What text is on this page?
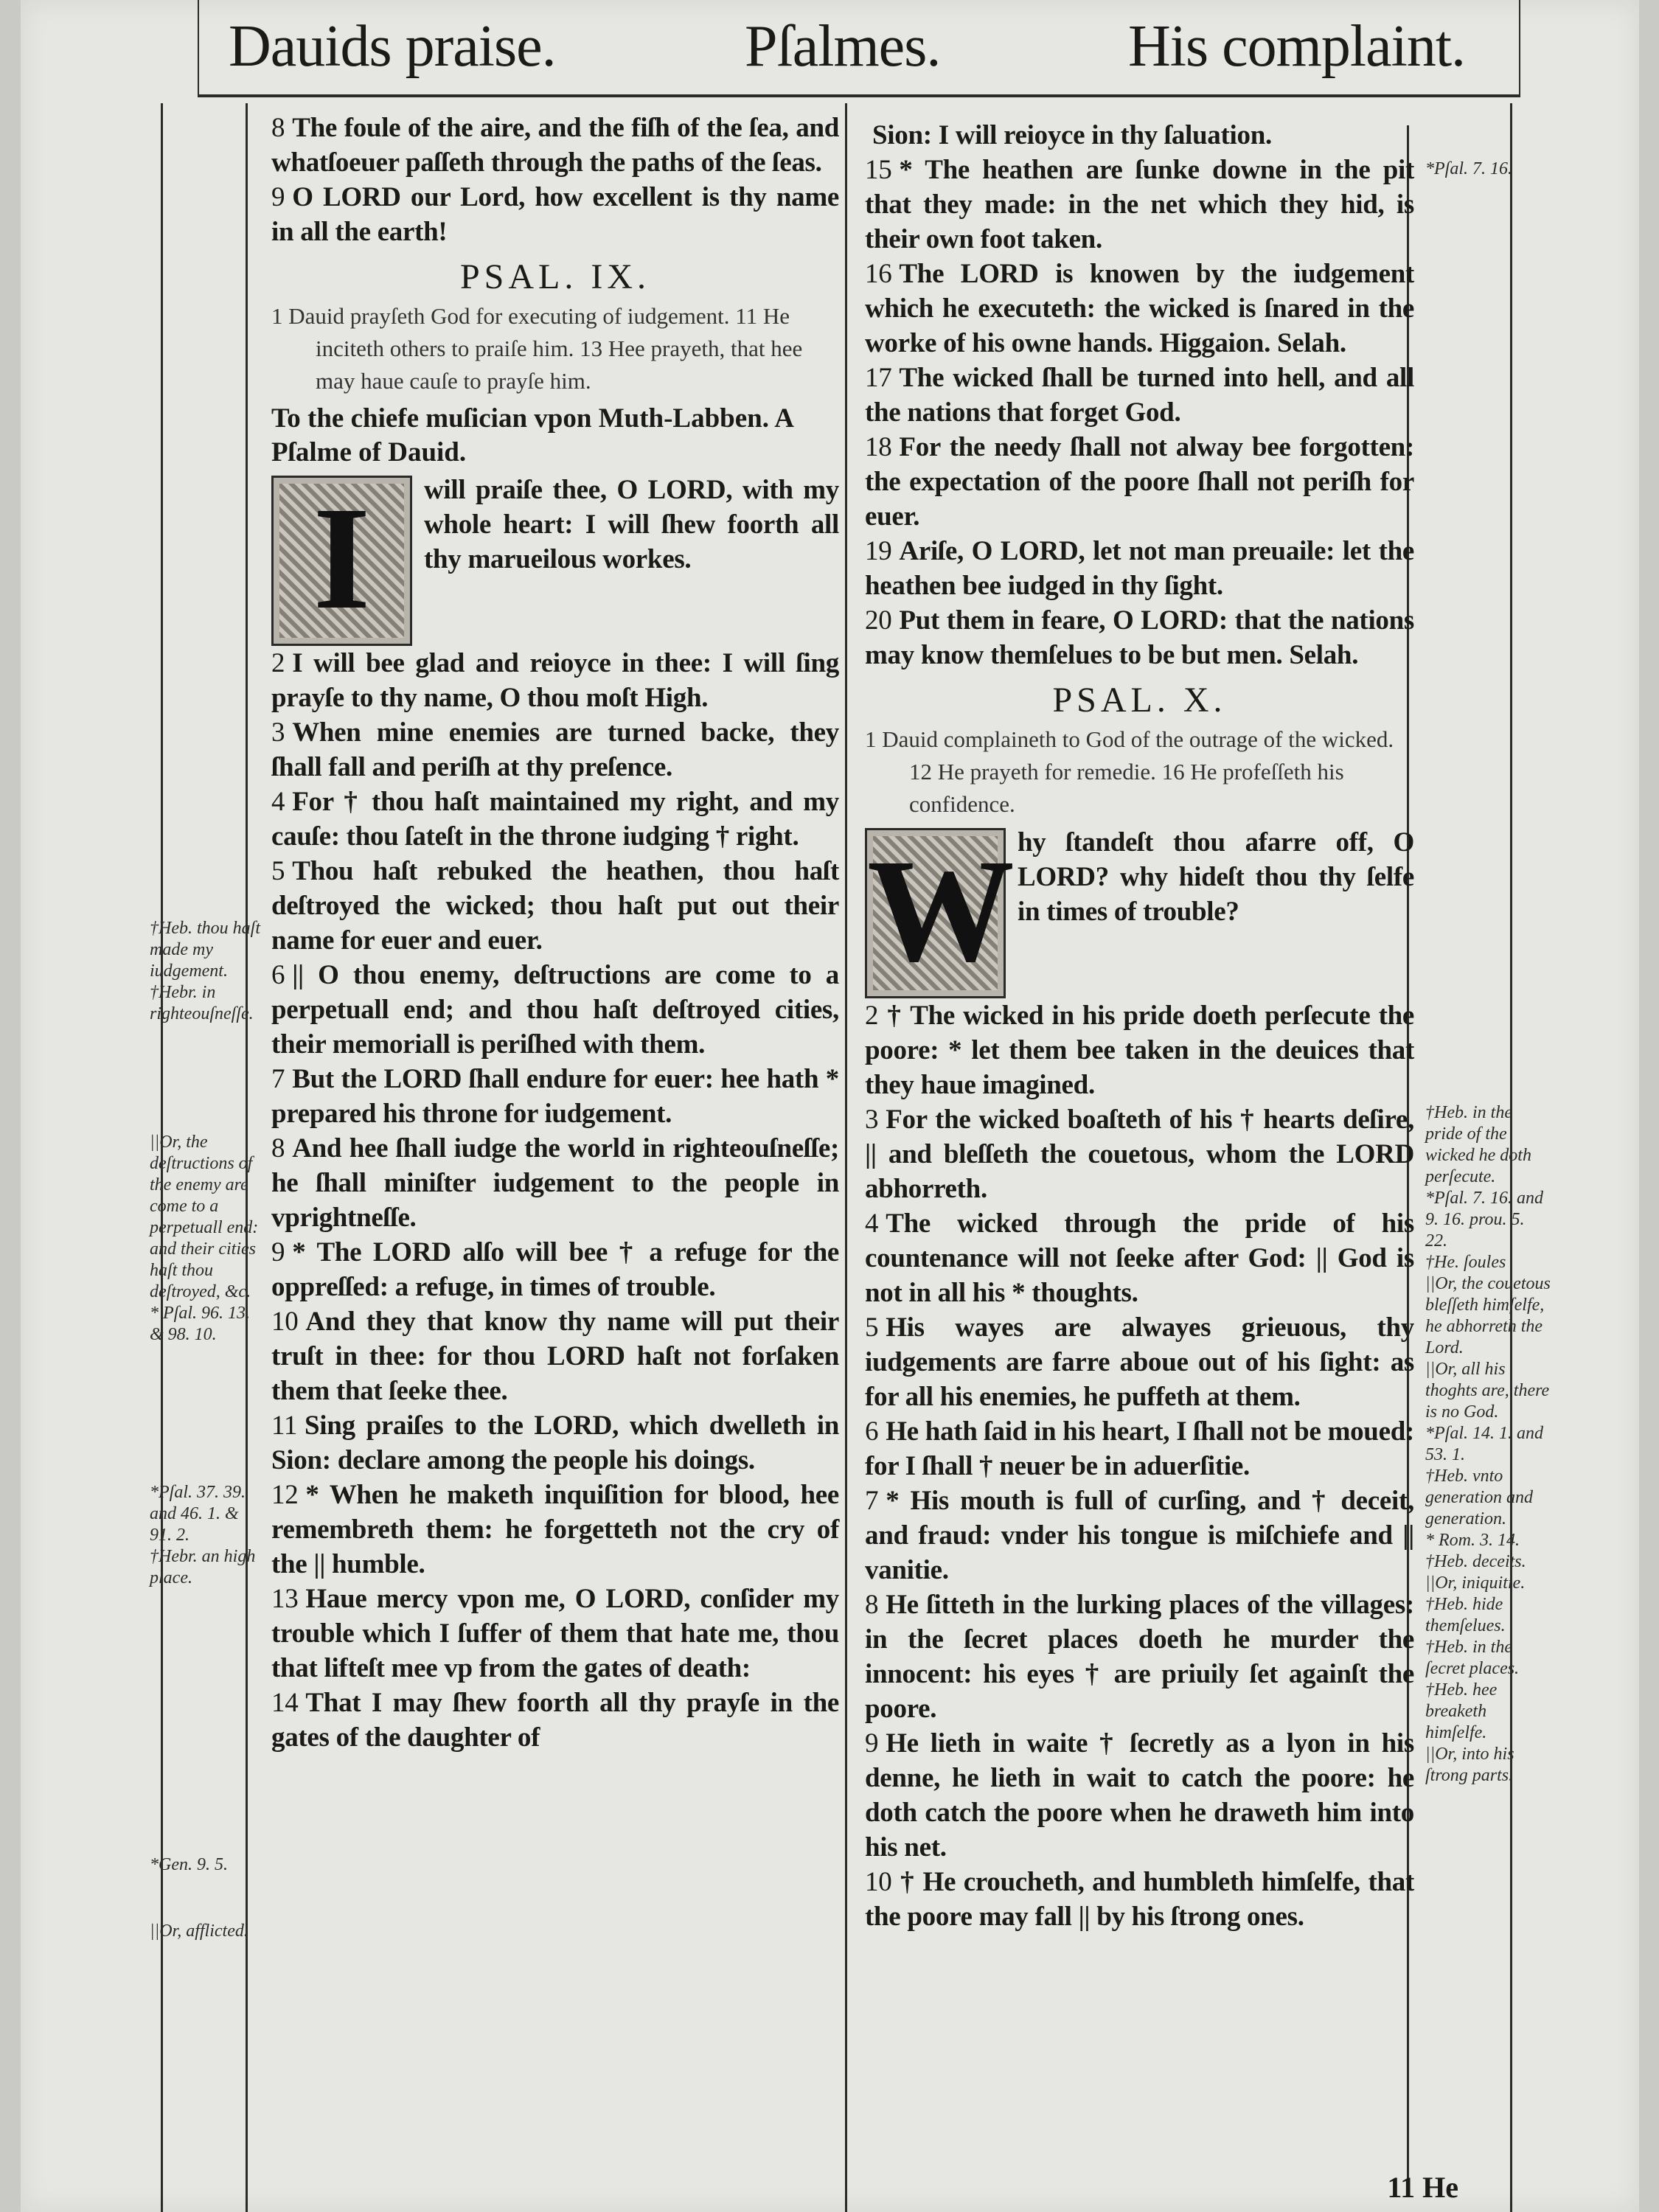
Dauids praise.	Pſalmes.	His complaint.

8 The foule of the aire, and the fiſh of the ſea, and whatſoeuer paſſeth through the paths of the ſeas.

9 O LORD our Lord, how excellent is thy name in all the earth!

PSAL. IX.

1 Dauid prayſeth God for executing of iudgement. 11 He inciteth others to praiſe him. 13 Hee prayeth, that hee may haue cauſe to prayſe him.

To the chiefe muſician vpon Muth-Labben. A Pſalme of Dauid.

I	will praiſe thee, O LORD, with my whole heart: I will ſhew foorth all thy marueilous workes.

2 I will bee glad and reioyce in thee: I will ſing prayſe to thy name, O thou moſt High.

3 When mine enemies are turned backe, they ſhall fall and periſh at thy preſence.

4 For † thou haſt maintained my right, and my cauſe: thou ſateſt in the throne iudging † right.

5 Thou haſt rebuked the heathen, thou haſt deſtroyed the wicked; thou haſt put out their name for euer and euer.

6 || O thou enemy, deſtructions are come to a perpetuall end; and thou haſt deſtroyed cities, their memoriall is periſhed with them.

7 But the LORD ſhall endure for euer: hee hath * prepared his throne for iudgement.

8 And hee ſhall iudge the world in righteouſneſſe; he ſhall miniſter iudgement to the people in vprightneſſe.

9 * The LORD alſo will bee † a refuge for the oppreſſed: a refuge, in times of trouble.

10 And they that know thy name will put their truſt in thee: for thou LORD haſt not forſaken them that ſeeke thee.

11 Sing praiſes to the LORD, which dwelleth in Sion: declare among the people his doings.

12 * When he maketh inquiſition for blood, hee remembreth them: he forgetteth not the cry of the || humble.

13 Haue mercy vpon me, O LORD, conſider my trouble which I ſuffer of them that hate me, thou that lifteſt mee vp from the gates of death:

14 That I may ſhew foorth all thy prayſe in the gates of the daughter of

Sion: I will reioyce in thy ſaluation.

15 * The heathen are ſunke downe in the pit that they made: in the net which they hid, is their own foot taken.

16 The LORD is knowen by the iudgement which he executeth: the wicked is ſnared in the worke of his owne hands. Higgaion. Selah.

17 The wicked ſhall be turned into hell, and all the nations that forget God.

18 For the needy ſhall not alway bee forgotten: the expectation of the poore ſhall not periſh for euer.

19 Ariſe, O LORD, let not man preuaile: let the heathen bee iudged in thy ſight.

20 Put them in feare, O LORD: that the nations may know themſelues to be but men. Selah.

PSAL. X.

1 Dauid complaineth to God of the outrage of the wicked. 12 He prayeth for remedie. 16 He profeſſeth his confidence.

W hy ſtandeſt thou afarre off, O LORD? why hideſt thou thy ſelfe in times of trouble?

2 † The wicked in his pride doeth perſecute the poore: * let them bee taken in the deuices that they haue imagined.

3 For the wicked boaſteth of his † hearts deſire, || and bleſſeth the couetous, whom the LORD abhorreth.

4 The wicked through the pride of his countenance will not ſeeke after God: || God is not in all his * thoughts.

5 His wayes are alwayes grieuous, thy iudgements are farre aboue out of his ſight: as for all his enemies, he puffeth at them.

6 He hath ſaid in his heart, I ſhall not be moued: for I ſhall † neuer be in aduerſitie.

7 * His mouth is full of curſing, and † deceit, and fraud: vnder his tongue is miſchiefe and || vanitie.

8 He ſitteth in the lurking places of the villages: in the ſecret places doeth he murder the innocent: his eyes † are priuily ſet againſt the poore.

9 He lieth in waite † ſecretly as a lyon in his denne, he lieth in wait to catch the poore: he doth catch the poore when he draweth him into his net.

10 † He croucheth, and humbleth himſelfe, that the poore may fall || by his ſtrong ones.

†Heb. thou haſt made my iudgement.
†Hebr. in righteouſneſſe.

||Or, the deſtructions of the enemy are come to a perpetuall end: and their cities haſt thou deſtroyed, &c.
* Pſal. 96. 13. & 98. 10.

*Pſal. 37. 39. and 46. 1. & 91. 2.
†Hebr. an high place.

*Gen. 9. 5.

||Or, afflicted.

*Pſal. 7. 16.

†Heb. in the pride of the wicked he doth perſecute.
*Pſal. 7. 16. and 9. 16. prou. 5. 22.
†He. ſoules
||Or, the couetous bleſſeth himſelfe, he abhorreth the Lord.
||Or, all his thoghts are, there is no God.
*Pſal. 14. 1. and 53. 1.
†Heb. vnto generation and generation.
* Rom. 3. 14.
†Heb. deceits.
||Or, iniquitie.
†Heb. hide themſelues.
†Heb. in the ſecret places.
†Heb. hee breaketh himſelfe.
||Or, into his ſtrong parts.

11 He
